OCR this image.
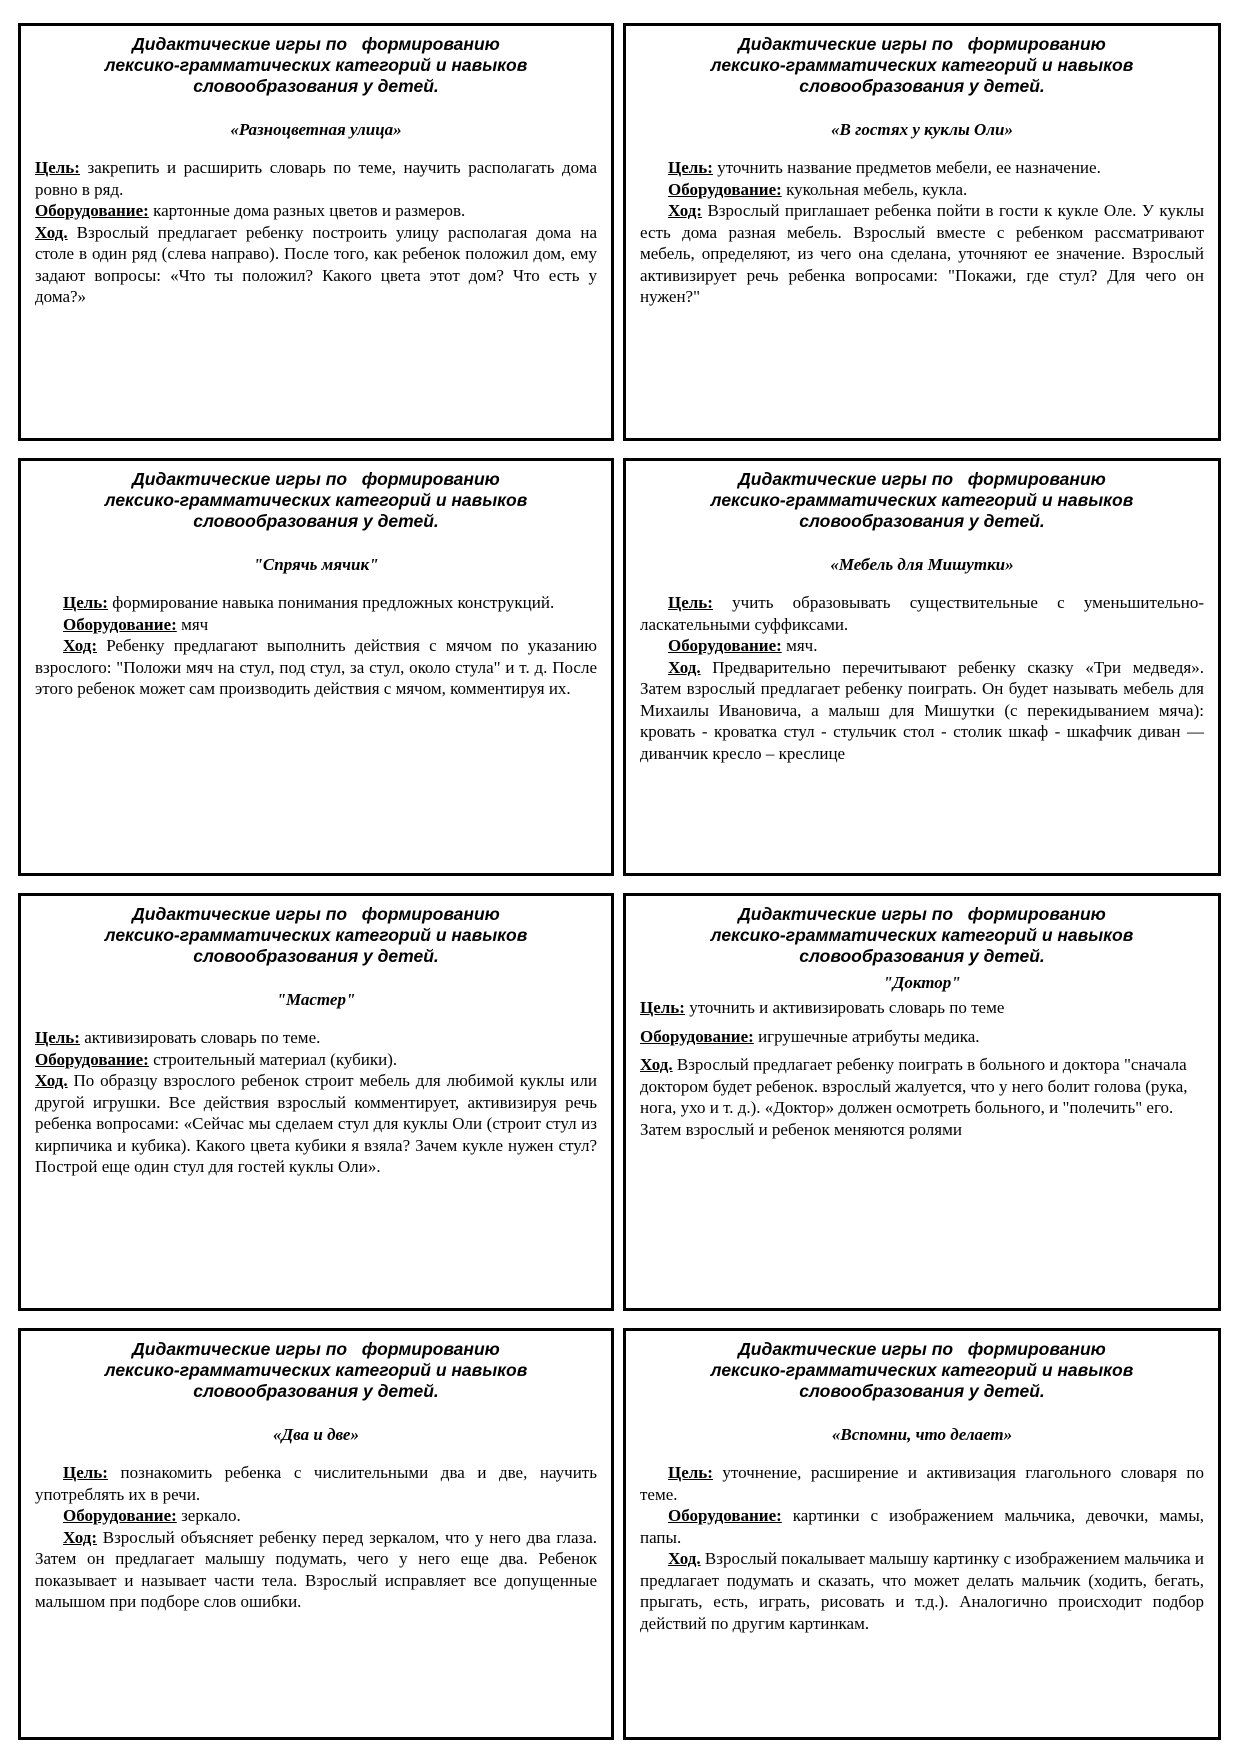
Дидактические игры по   формированию
лексико-грамматических категорий и навыков
словообразования у детей.
«Разноцветная улица»

Цель: закрепить и расширить словарь по теме, научить располагать дома ровно в ряд.

Оборудование: картонные дома разных цветов и размеров.

Ход. Взрослый предлагает ребенку построить улицу располагая дома на столе в один ряд (слева направо). После того, как ребенок положил дом, ему задают вопросы: «Что ты положил? Какого цвета этот дом? Что есть у дома?»

Дидактические игры по   формированию
лексико-грамматических категорий и навыков
словообразования у детей.
«В гостях у куклы Оли»

Цель: уточнить название предметов мебели, ее назначение.

Оборудование: кукольная мебель, кукла.

Ход: Взрослый приглашает ребенка пойти в гости к кукле Оле. У куклы есть дома разная мебель. Взрослый вместе с ребенком рассматривают мебель, определяют, из чего она сделана, уточняют ее значение. Взрослый активизирует речь ребенка вопросами: "Покажи, где стул? Для чего он нужен?"

Дидактические игры по   формированию
лексико-грамматических категорий и навыков
словообразования у детей.
"Спрячь мячик"

Цель: формирование навыка понимания предложных конструкций.

Оборудование: мяч

Ход: Ребенку предлагают выполнить действия с мячом по указанию взрослого: "Положи мяч на стул, под стул, за стул, около стула" и т. д. После этого ребенок может сам производить действия с мячом, комментируя их.

Дидактические игры по   формированию
лексико-грамматических категорий и навыков
словообразования у детей.
«Мебель для Мишутки»

Цель: учить образовывать существительные с уменьшительно-ласкательными суффиксами.

Оборудование: мяч.

Ход. Предварительно перечитывают ребенку сказку «Три медведя». Затем взрослый предлагает ребенку поиграть. Он будет называть мебель для Михаилы Ивановича, а малыш для Мишутки (с перекидыванием мяча): кровать - кроватка стул - стульчик стол - столик шкаф - шкафчик диван — диванчик кресло – креслице

Дидактические игры по   формированию
лексико-грамматических категорий и навыков
словообразования у детей.
"Мастер"

Цель: активизировать словарь по теме.

Оборудование: строительный материал (кубики).

Ход. По образцу взрослого ребенок строит мебель для любимой куклы или другой игрушки. Все действия взрослый комментирует, активизируя речь ребенка вопросами: «Сейчас мы сделаем стул для куклы Оли (строит стул из кирпичика и кубика). Какого цвета кубики я взяла? Зачем кукле нужен стул? Построй еще один стул для гостей куклы Оли».

Дидактические игры по   формированию
лексико-грамматических категорий и навыков
словообразования у детей.
"Доктор"

Цель: уточнить и активизировать словарь по теме

Оборудование: игрушечные атрибуты медика.

Ход. Взрослый предлагает ребенку поиграть в больного и доктора "сначала доктором будет ребенок. взрослый жалуется, что у него болит голова (рука, нога, ухо и т. д.). «Доктор» должен осмотреть больного, и "полечить" его. Затем взрослый и ребенок меняются ролями

Дидактические игры по   формированию
лексико-грамматических категорий и навыков
словообразования у детей.
«Два и две»

Цель: познакомить ребенка с числительными два и две, научить употреблять их в речи.

Оборудование: зеркало.

Ход: Взрослый объясняет ребенку перед зеркалом, что у него два глаза. Затем он предлагает малышу подумать, чего у него еще два. Ребенок показывает и называет части тела. Взрослый исправляет все допущенные малышом при подборе слов ошибки.

Дидактические игры по   формированию
лексико-грамматических категорий и навыков
словообразования у детей.
«Вспомни, что делает»

Цель: уточнение, расширение и активизация глагольного словаря по теме.

Оборудование: картинки с изображением мальчика, девочки, мамы, папы.

Ход. Взрослый покалывает малышу картинку с изображением мальчика и предлагает подумать и сказать, что может делать мальчик (ходить, бегать, прыгать, есть, играть, рисовать и т.д.). Аналогично происходит подбор действий по другим картинкам.
